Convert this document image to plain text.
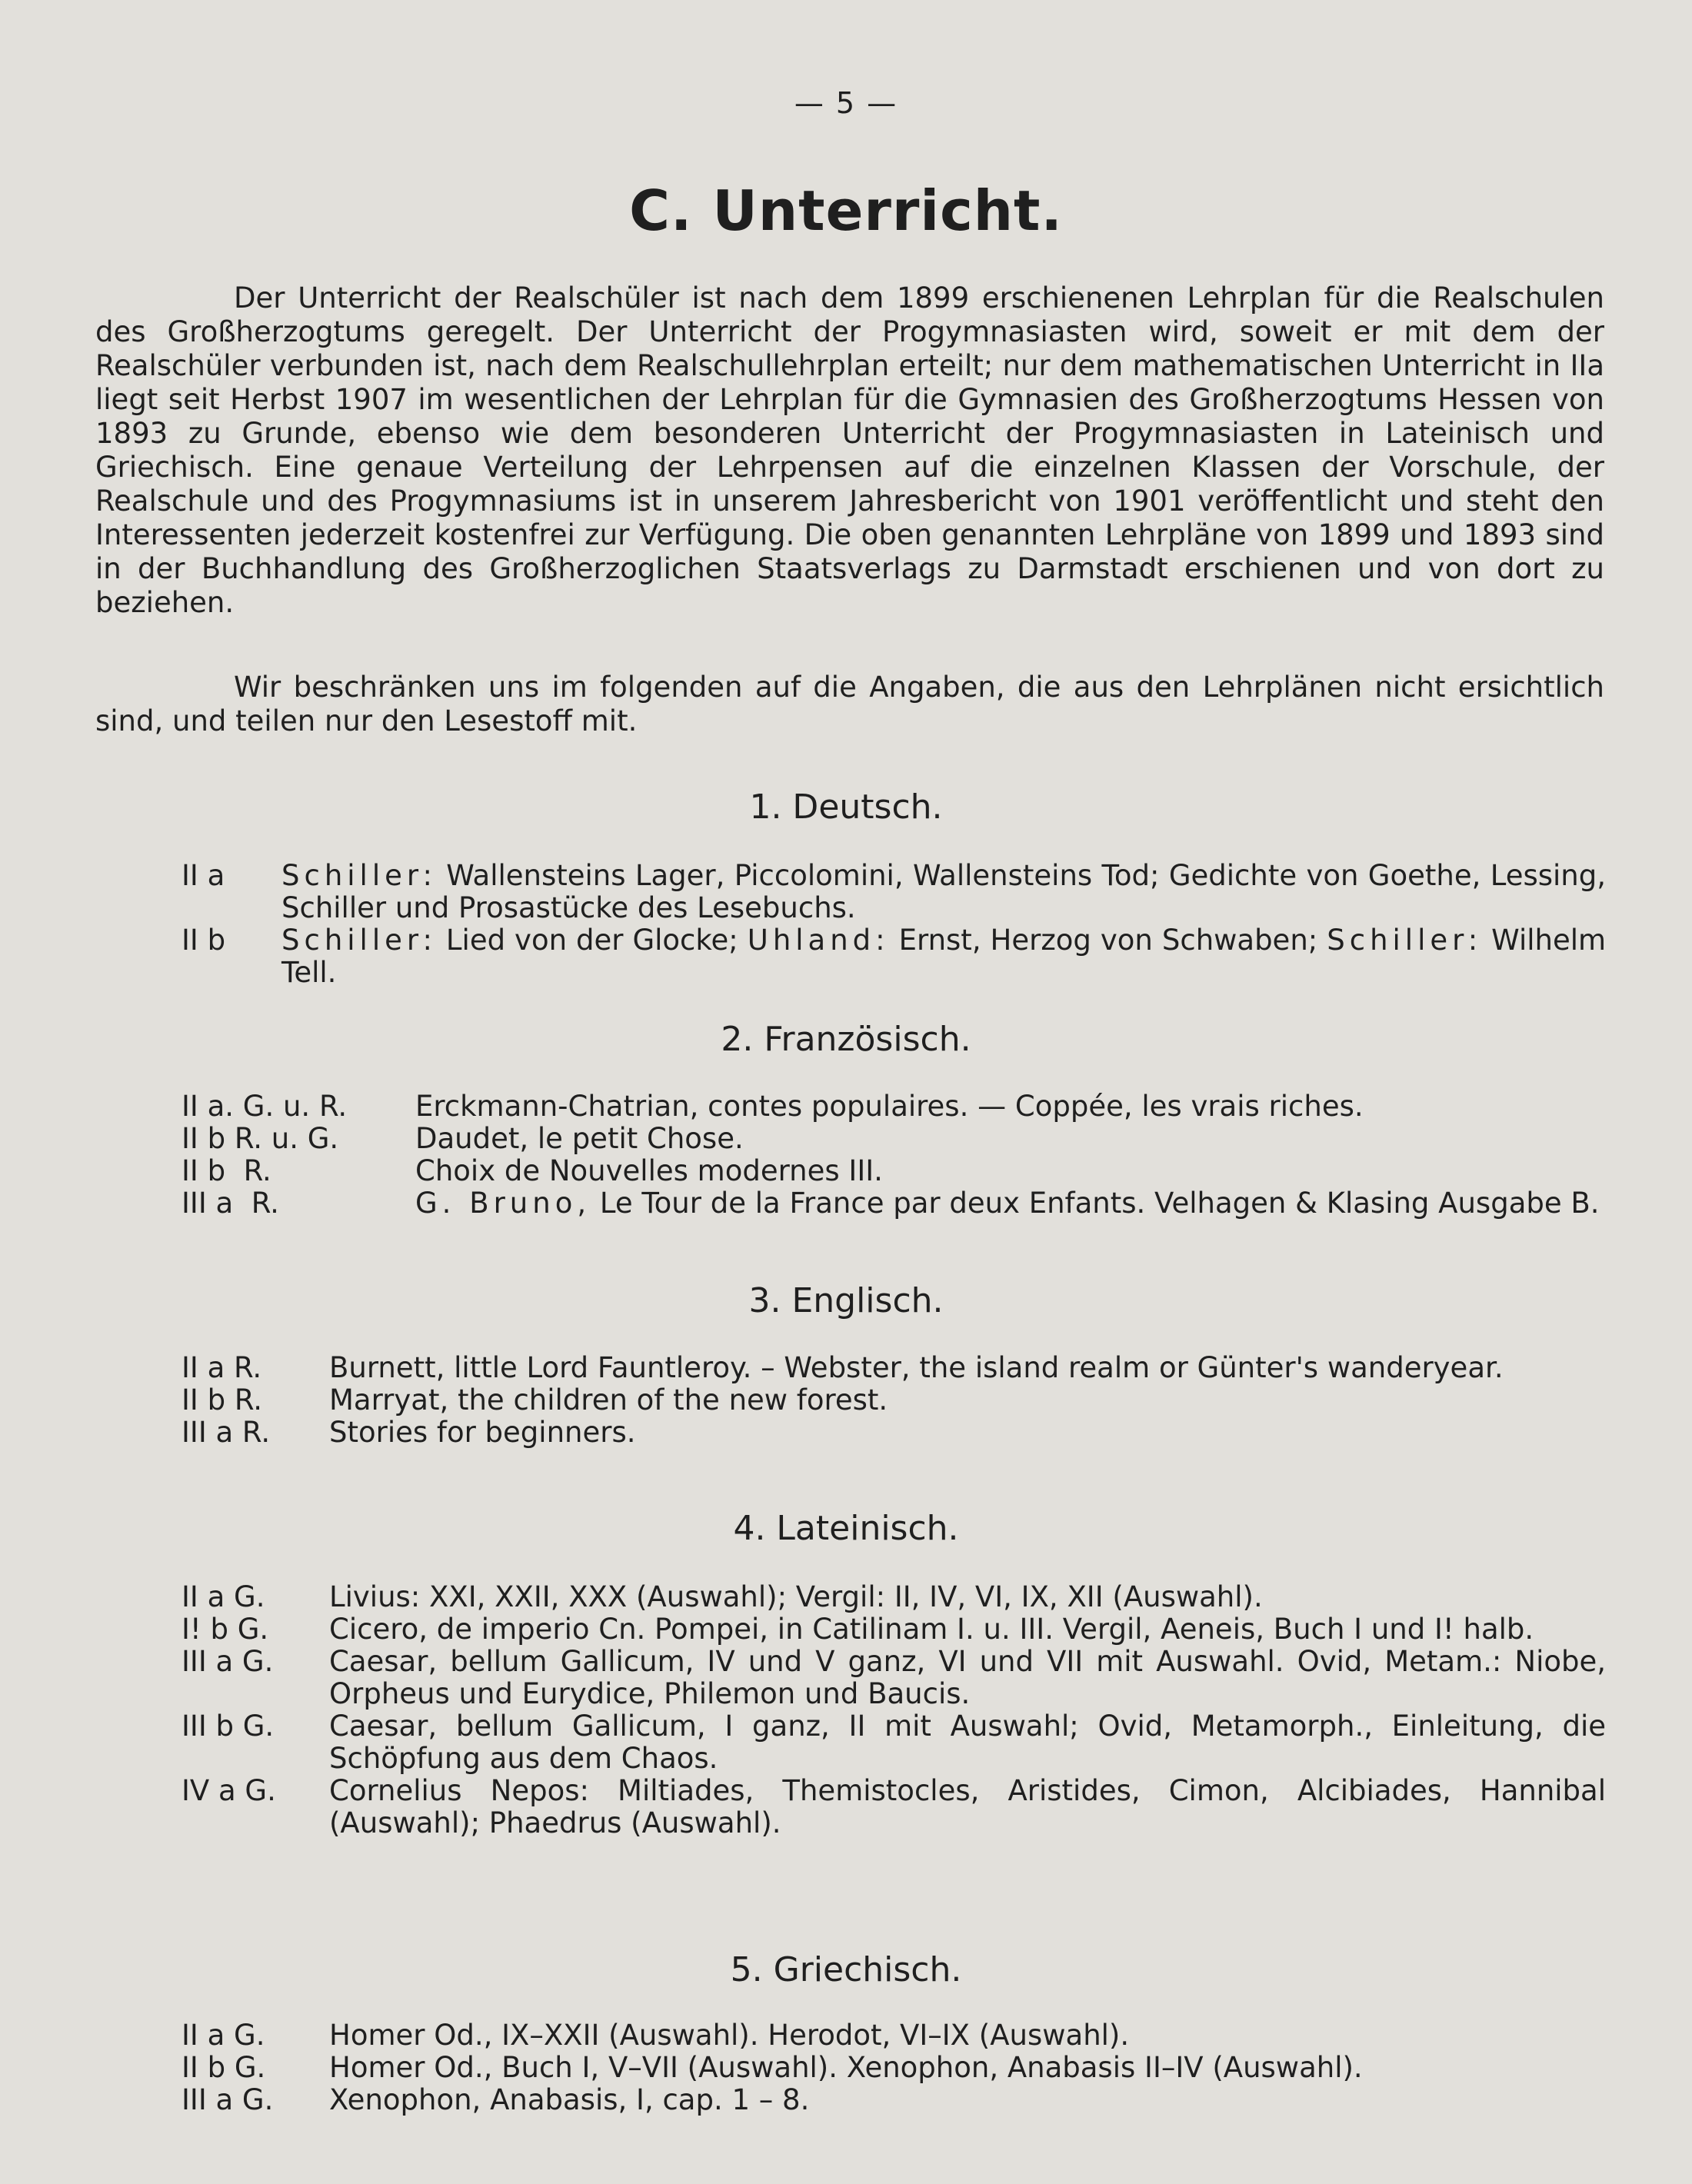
— 5 —
C. Unterricht.

Der Unterricht der Realschüler ist nach dem 1899 erschienenen Lehrplan für die Realschulen des Großherzogtums geregelt. Der Unterricht der Progymnasiasten wird, soweit er mit dem der Realschüler verbunden ist, nach dem Realschullehrplan erteilt; nur dem mathematischen Unterricht in IIa liegt seit Herbst 1907 im wesentlichen der Lehrplan für die Gymnasien des Großherzogtums Hessen von 1893 zu Grunde, ebenso wie dem besonderen Unterricht der Progymnasiasten in Lateinisch und Griechisch. Eine genaue Verteilung der Lehrpensen auf die einzelnen Klassen der Vorschule, der Realschule und des Progymnasiums ist in unserem Jahresbericht von 1901 veröffentlicht und steht den Interessenten jederzeit kostenfrei zur Verfügung. Die oben genannten Lehrpläne von 1899 und 1893 sind in der Buchhandlung des Großherzoglichen Staatsverlags zu Darmstadt erschienen und von dort zu beziehen.

Wir beschränken uns im folgenden auf die Angaben, die aus den Lehrplänen nicht ersichtlich sind, und teilen nur den Lesestoff mit.

1. Deutsch.
II a	Schiller: Wallensteins Lager, Piccolomini, Wallensteins Tod; Gedichte von Goethe, Lessing, Schiller und Prosastücke des Lesebuchs.
II b	Schiller: Lied von der Glocke; Uhland: Ernst, Herzog von Schwaben; Schiller: Wilhelm Tell.
2. Französisch.
II a. G. u. R.	Erckmann-Chatrian, contes populaires. — Coppée, les vrais riches.
II b R. u. G.	Daudet, le petit Chose.
II b  R.	Choix de Nouvelles modernes III.
III a  R.	G. Bruno, Le Tour de la France par deux Enfants. Velhagen & Klasing Ausgabe B.
3. Englisch.
II a R.	Burnett, little Lord Fauntleroy. – Webster, the island realm or Günter's wanderyear.
II b R.	Marryat, the children of the new forest.
III a R.	Stories for beginners.
4. Lateinisch.
II a G.	Livius: XXI, XXII, XXX (Auswahl); Vergil: II, IV, VI, IX, XII (Auswahl).
I! b G.	Cicero, de imperio Cn. Pompei, in Catilinam I. u. III. Vergil, Aeneis, Buch I und I! halb.
III a G.	Caesar, bellum Gallicum, IV und V ganz, VI und VII mit Auswahl. Ovid, Metam.: Niobe, Orpheus und Eurydice, Philemon und Baucis.
III b G.	Caesar, bellum Gallicum, I ganz, II mit Auswahl; Ovid, Metamorph., Einleitung, die Schöpfung aus dem Chaos.
IV a G.	Cornelius Nepos: Miltiades, Themistocles, Aristides, Cimon, Alcibiades, Hannibal (Auswahl); Phaedrus (Auswahl).
5. Griechisch.
II a G.	Homer Od., IX–XXII (Auswahl). Herodot, VI–IX (Auswahl).
II b G.	Homer Od., Buch I, V–VII (Auswahl). Xenophon, Anabasis II–IV (Auswahl).
III a G.	Xenophon, Anabasis, I, cap. 1 – 8.
